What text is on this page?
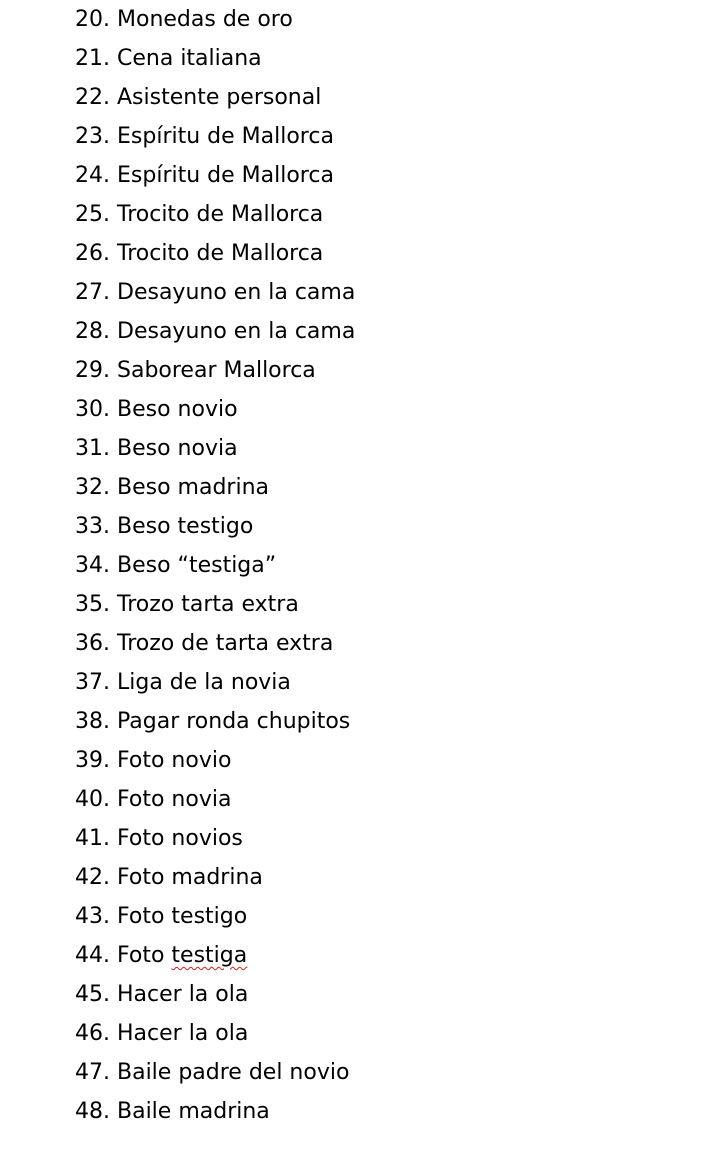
20. Monedas de oro
21. Cena italiana
22. Asistente personal
23. Espíritu de Mallorca
24. Espíritu de Mallorca
25. Trocito de Mallorca
26. Trocito de Mallorca
27. Desayuno en la cama
28. Desayuno en la cama
29. Saborear Mallorca
30. Beso novio
31. Beso novia
32. Beso madrina
33. Beso testigo
34. Beso “testiga”
35. Trozo tarta extra
36. Trozo de tarta extra
37. Liga de la novia
38. Pagar ronda chupitos
39. Foto novio
40. Foto novia
41. Foto novios
42. Foto madrina
43. Foto testigo
44. Foto testiga
45. Hacer la ola
46. Hacer la ola
47. Baile padre del novio
48. Baile madrina
